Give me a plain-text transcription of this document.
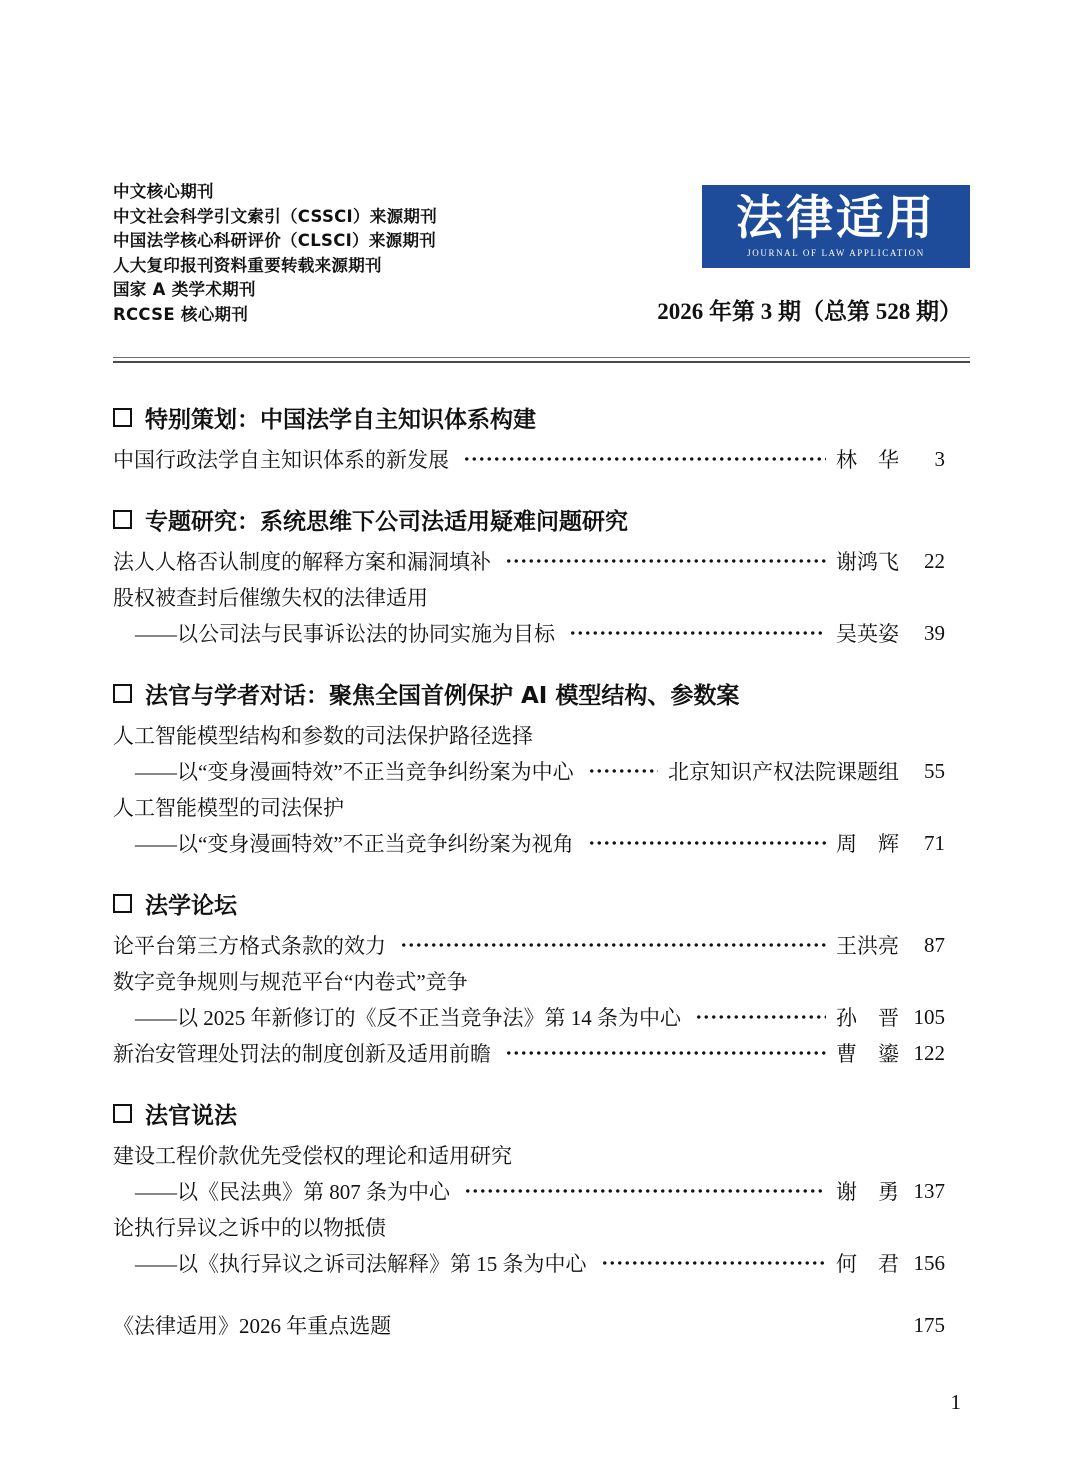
中文核心期刊
中文社会科学引文索引（CSSCI）来源期刊
中国法学核心科研评价（CLSCI）来源期刊
人大复印报刊资料重要转载来源期刊
国家 A 类学术期刊
RCCSE 核心期刊
法律适用
JOURNAL OF LAW APPLICATION
2026 年第 3 期（总第 528 期）
特别策划：中国法学自主知识体系构建
中国行政法学自主知识体系的新发展	林　华	3
专题研究：系统思维下公司法适用疑难问题研究
法人人格否认制度的解释方案和漏洞填补	谢鸿飞	22
股权被查封后催缴失权的法律适用
——以公司法与民事诉讼法的协同实施为目标	吴英姿	39
法官与学者对话：聚焦全国首例保护 AI 模型结构、参数案
人工智能模型结构和参数的司法保护路径选择
——以“变身漫画特效”不正当竞争纠纷案为中心	北京知识产权法院课题组	55
人工智能模型的司法保护
——以“变身漫画特效”不正当竞争纠纷案为视角	周　辉	71
法学论坛
论平台第三方格式条款的效力	王洪亮	87
数字竞争规则与规范平台“内卷式”竞争
——以 2025 年新修订的《反不正当竞争法》第 14 条为中心	孙　晋 105
新治安管理处罚法的制度创新及适用前瞻	曹　鎏 122
法官说法
建设工程价款优先受偿权的理论和适用研究
——以《民法典》第 807 条为中心	谢　勇 137
论执行异议之诉中的以物抵债
——以《执行异议之诉司法解释》第 15 条为中心	何　君 156
《法律适用》2026 年重点选题	175
1
